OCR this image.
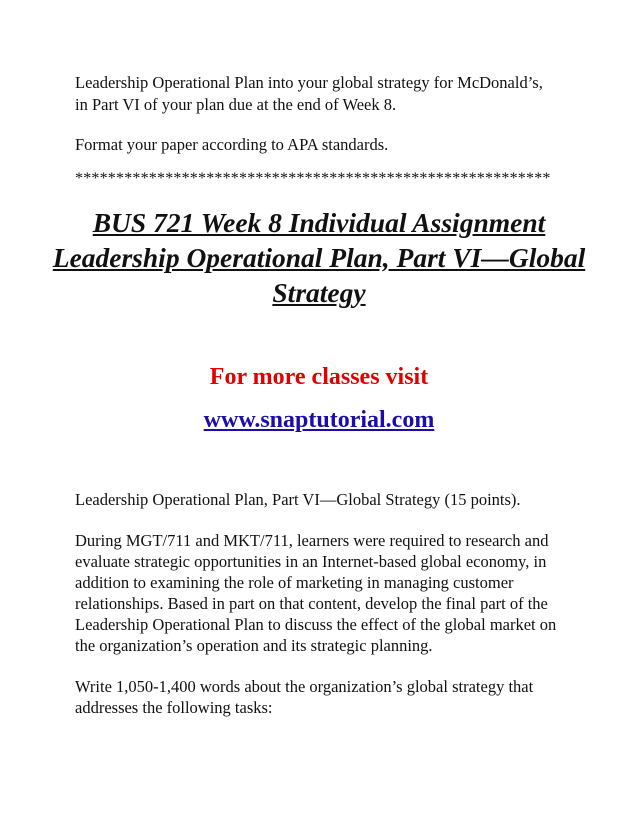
Leadership Operational Plan into your global strategy for McDonald’s,

in Part VI of your plan due at the end of Week 8.

Format your paper according to APA standards.

**********************************************************

BUS 721 Week 8 Individual Assignment
Leadership Operational Plan, Part VI—Global
Strategy

For more classes visit

www.snaptutorial.com

Leadership Operational Plan, Part VI—Global Strategy (15 points).

During MGT/711 and MKT/711, learners were required to research and

evaluate strategic opportunities in an Internet-based global economy, in

addition to examining the role of marketing in managing customer

relationships. Based in part on that content, develop the final part of the

Leadership Operational Plan to discuss the effect of the global market on

the organization’s operation and its strategic planning.

Write 1,050-1,400 words about the organization’s global strategy that

addresses the following tasks:
